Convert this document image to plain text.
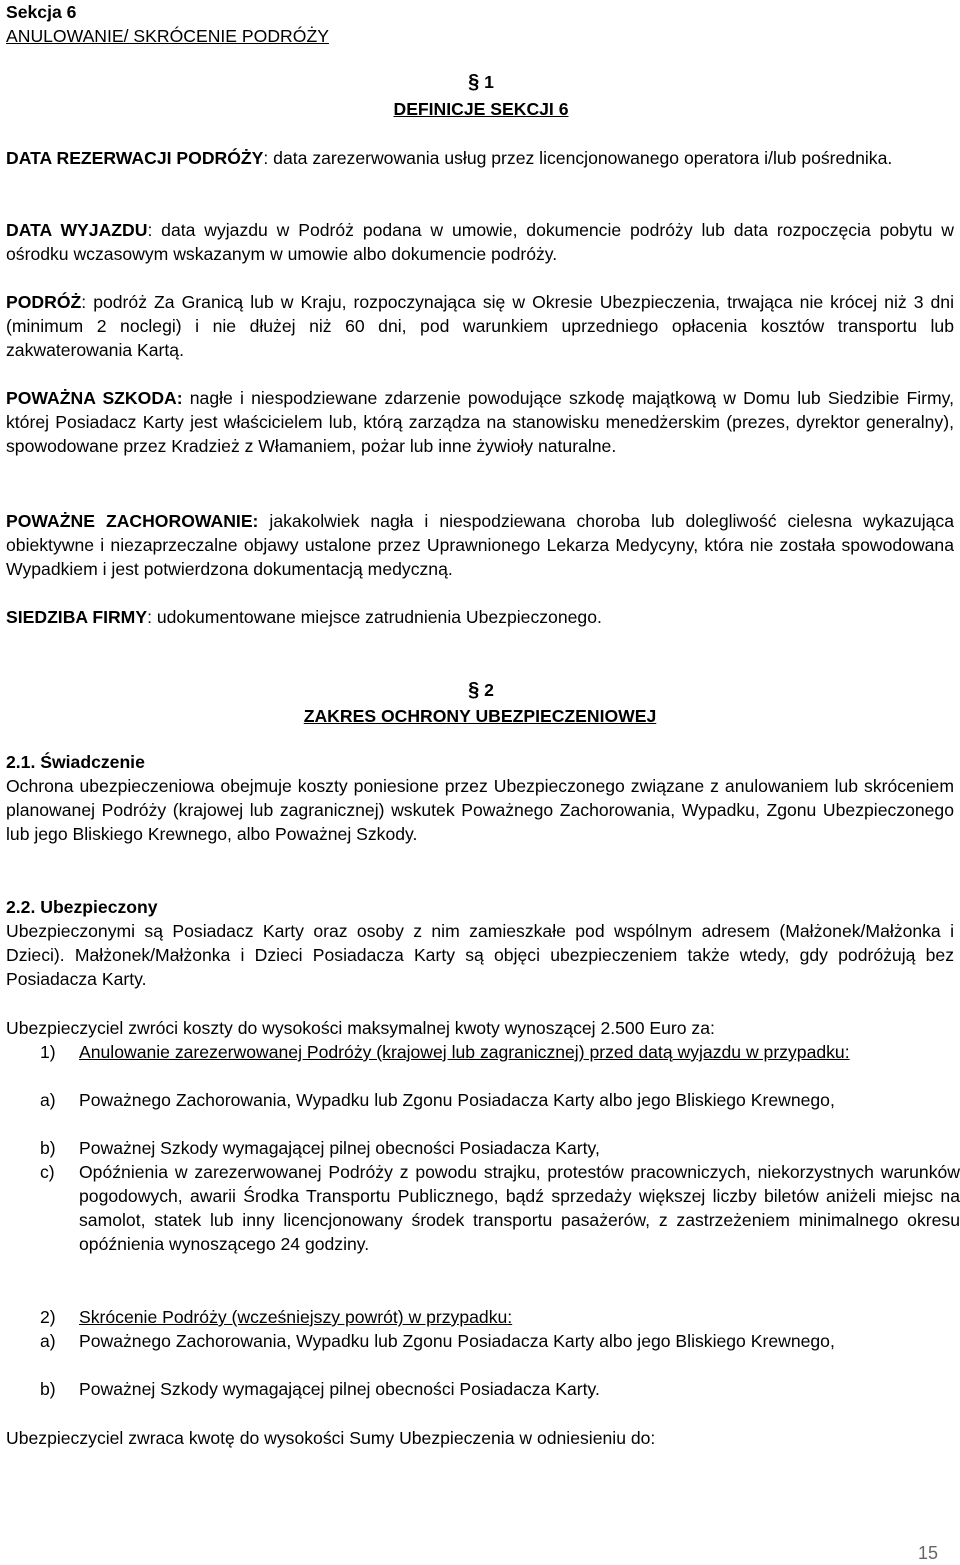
Sekcja 6
ANULOWANIE/ SKRÓCENIE PODRÓŻY
§ 1
DEFINICJE SEKCJI 6

DATA REZERWACJI PODRÓŻY: data zarezerwowania usług przez licencjonowanego operatora i/lub pośrednika.

DATA WYJAZDU: data wyjazdu w Podróż podana w umowie, dokumencie podróży lub data rozpoczęcia pobytu w ośrodku wczasowym wskazanym w umowie albo dokumencie podróży.

PODRÓŻ: podróż Za Granicą lub w Kraju, rozpoczynająca się w Okresie Ubezpieczenia, trwająca nie krócej niż 3 dni (minimum 2 noclegi) i nie dłużej niż 60 dni, pod warunkiem uprzedniego opłacenia kosztów transportu lub zakwaterowania Kartą.

POWAŻNA SZKODA: nagłe i niespodziewane zdarzenie powodujące szkodę majątkową w Domu lub Siedzibie Firmy, której Posiadacz Karty jest właścicielem lub, którą zarządza na stanowisku menedżerskim (prezes, dyrektor generalny), spowodowane przez Kradzież z Włamaniem, pożar lub inne żywioły naturalne.

POWAŻNE ZACHOROWANIE: jakakolwiek nagła i niespodziewana choroba lub dolegliwość cielesna wykazująca obiektywne i niezaprzeczalne objawy ustalone przez Uprawnionego Lekarza Medycyny, która nie została spowodowana Wypadkiem i jest potwierdzona dokumentacją medyczną.

SIEDZIBA FIRMY: udokumentowane miejsce zatrudnienia Ubezpieczonego.

§ 2
ZAKRES OCHRONY UBEZPIECZENIOWEJ
2.1. Świadczenie
Ochrona ubezpieczeniowa obejmuje koszty poniesione przez Ubezpieczonego związane z anulowaniem lub skróceniem planowanej Podróży (krajowej lub zagranicznej) wskutek Poważnego Zachorowania, Wypadku, Zgonu Ubezpieczonego lub jego Bliskiego Krewnego, albo Poważnej Szkody.
2.2. Ubezpieczony
Ubezpieczonymi są Posiadacz Karty oraz osoby z nim zamieszkałe pod wspólnym adresem (Małżonek/Małżonka i Dzieci). Małżonek/Małżonka i Dzieci Posiadacza Karty są objęci ubezpieczeniem także wtedy, gdy podróżują bez Posiadacza Karty.
Ubezpieczyciel zwróci koszty do wysokości maksymalnej kwoty wynoszącej 2.500 Euro za:
1) Anulowanie zarezerwowanej Podróży (krajowej lub zagranicznej) przed datą wyjazdu w przypadku:
a) Poważnego Zachorowania, Wypadku lub Zgonu Posiadacza Karty albo jego Bliskiego Krewnego,
b) Poważnej Szkody wymagającej pilnej obecności Posiadacza Karty,
c) Opóźnienia w zarezerwowanej Podróży z powodu strajku, protestów pracowniczych, niekorzystnych warunków pogodowych, awarii Środka Transportu Publicznego, bądź sprzedaży większej liczby biletów aniżeli miejsc na samolot, statek lub inny licencjonowany środek transportu pasażerów, z zastrzeżeniem minimalnego okresu opóźnienia wynoszącego 24 godziny.
2) Skrócenie Podróży (wcześniejszy powrót) w przypadku:
a) Poważnego Zachorowania, Wypadku lub Zgonu Posiadacza Karty albo jego Bliskiego Krewnego,
b) Poważnej Szkody wymagającej pilnej obecności Posiadacza Karty.
Ubezpieczyciel zwraca kwotę do wysokości Sumy Ubezpieczenia w odniesieniu do:
15
